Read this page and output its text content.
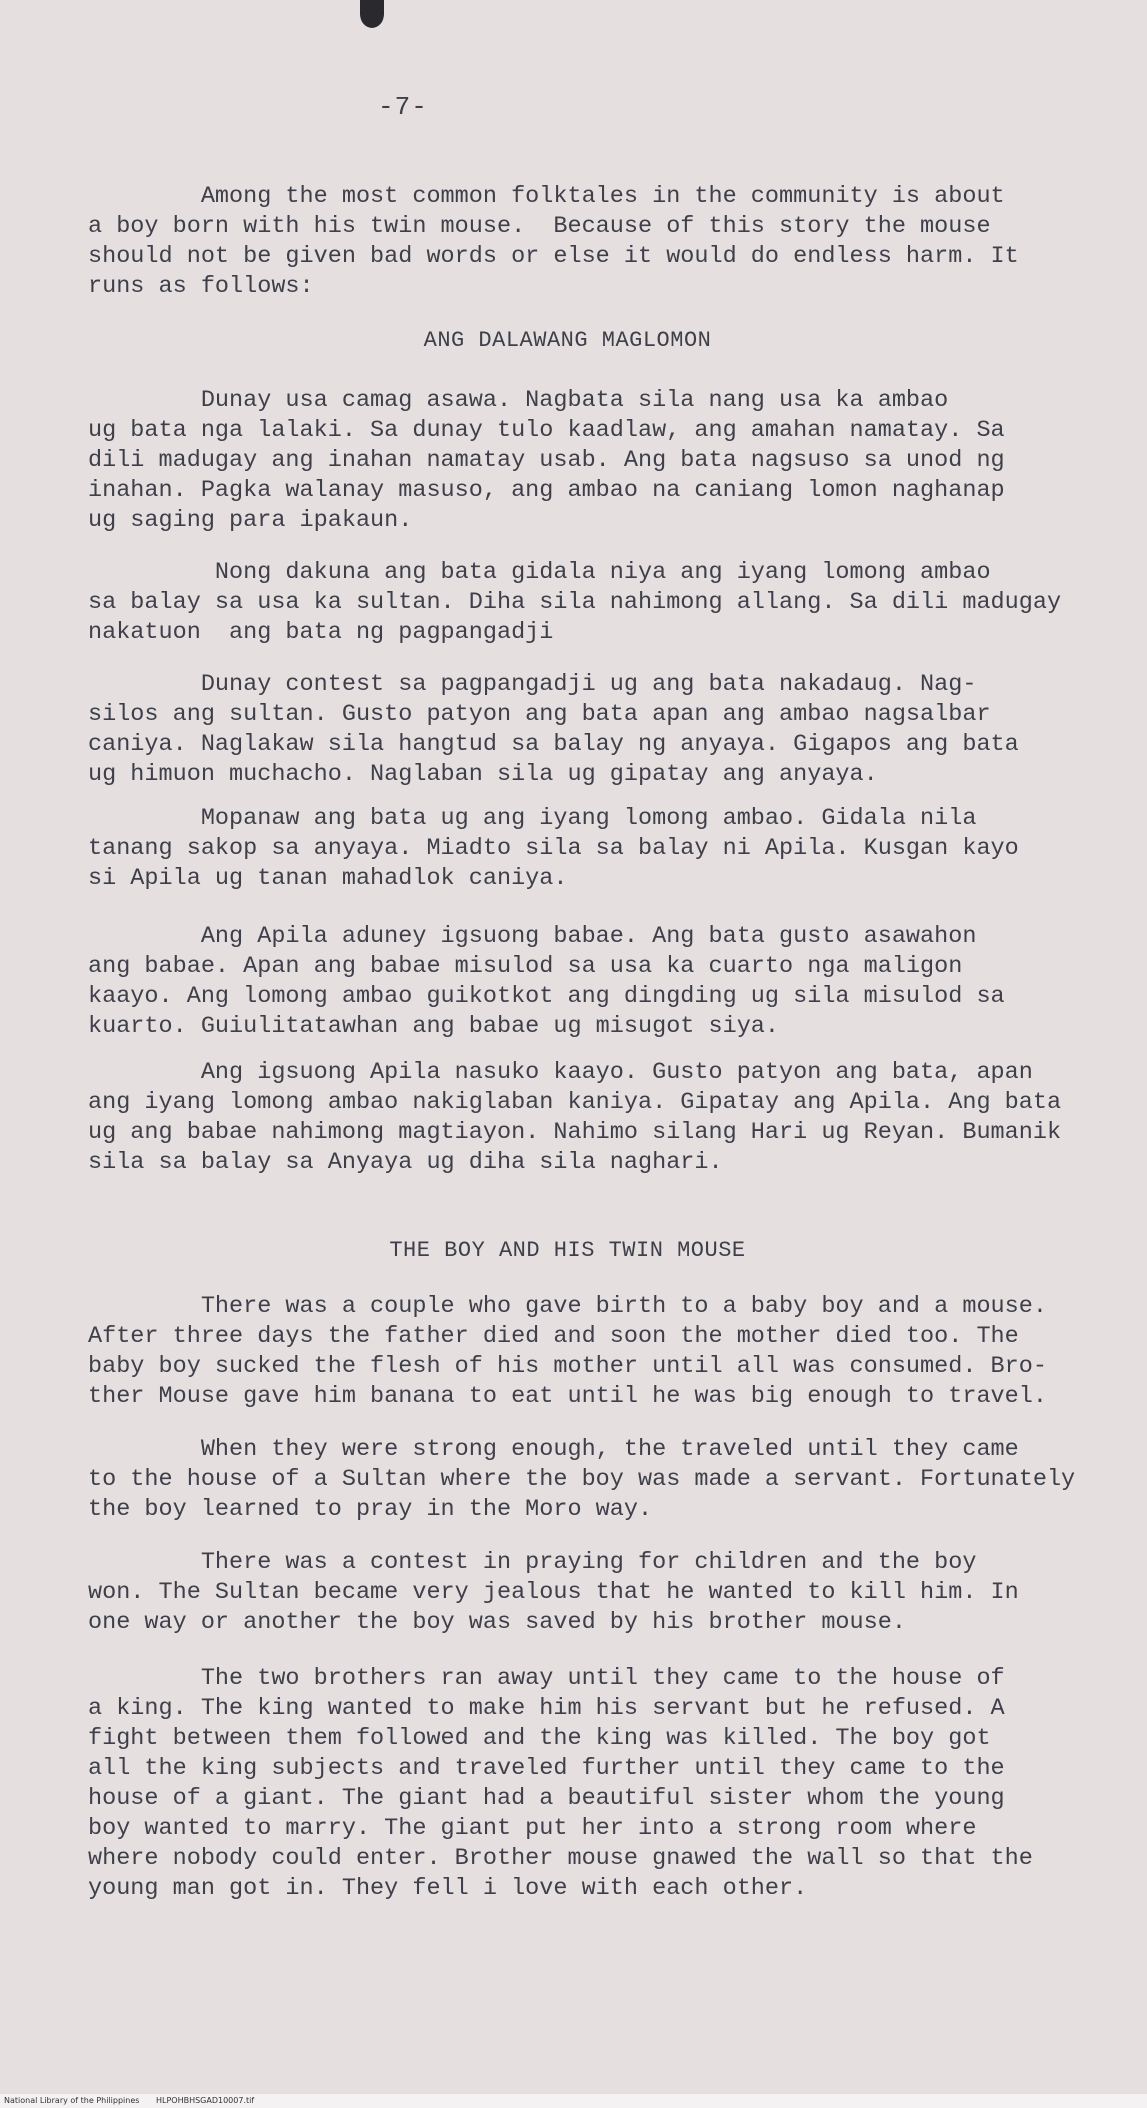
-7-
Among the most common folktales in the community is about
a boy born with his twin mouse.  Because of this story the mouse
should not be given bad words or else it would do endless harm. It
runs as follows:
ANG DALAWANG MAGLOMON
Dunay usa camag asawa. Nagbata sila nang usa ka ambao
ug bata nga lalaki. Sa dunay tulo kaadlaw, ang amahan namatay. Sa
dili madugay ang inahan namatay usab. Ang bata nagsuso sa unod ng
inahan. Pagka walanay masuso, ang ambao na caniang lomon naghanap
ug saging para ipakaun.
Nong dakuna ang bata gidala niya ang iyang lomong ambao
sa balay sa usa ka sultan. Diha sila nahimong allang. Sa dili madugay
nakatuon  ang bata ng pagpangadji
Dunay contest sa pagpangadji ug ang bata nakadaug. Nag-
silos ang sultan. Gusto patyon ang bata apan ang ambao nagsalbar
caniya. Naglakaw sila hangtud sa balay ng anyaya. Gigapos ang bata
ug himuon muchacho. Naglaban sila ug gipatay ang anyaya.
Mopanaw ang bata ug ang iyang lomong ambao. Gidala nila
tanang sakop sa anyaya. Miadto sila sa balay ni Apila. Kusgan kayo
si Apila ug tanan mahadlok caniya.
Ang Apila aduney igsuong babae. Ang bata gusto asawahon
ang babae. Apan ang babae misulod sa usa ka cuarto nga maligon
kaayo. Ang lomong ambao guikotkot ang dingding ug sila misulod sa
kuarto. Guiulitatawhan ang babae ug misugot siya.
Ang igsuong Apila nasuko kaayo. Gusto patyon ang bata, apan
ang iyang lomong ambao nakiglaban kaniya. Gipatay ang Apila. Ang bata
ug ang babae nahimong magtiayon. Nahimo silang Hari ug Reyan. Bumanik
sila sa balay sa Anyaya ug diha sila naghari.
THE BOY AND HIS TWIN MOUSE
There was a couple who gave birth to a baby boy and a mouse.
After three days the father died and soon the mother died too. The
baby boy sucked the flesh of his mother until all was consumed. Bro-
ther Mouse gave him banana to eat until he was big enough to travel.
When they were strong enough, the traveled until they came
to the house of a Sultan where the boy was made a servant. Fortunately
the boy learned to pray in the Moro way.
There was a contest in praying for children and the boy
won. The Sultan became very jealous that he wanted to kill him. In
one way or another the boy was saved by his brother mouse.
The two brothers ran away until they came to the house of
a king. The king wanted to make him his servant but he refused. A
fight between them followed and the king was killed. The boy got
all the king subjects and traveled further until they came to the
house of a giant. The giant had a beautiful sister whom the young
boy wanted to marry. The giant put her into a strong room where
where nobody could enter. Brother mouse gnawed the wall so that the
young man got in. They fell i love with each other.
National Library of the Philippines HLPOHBHSGAD10007.tif
